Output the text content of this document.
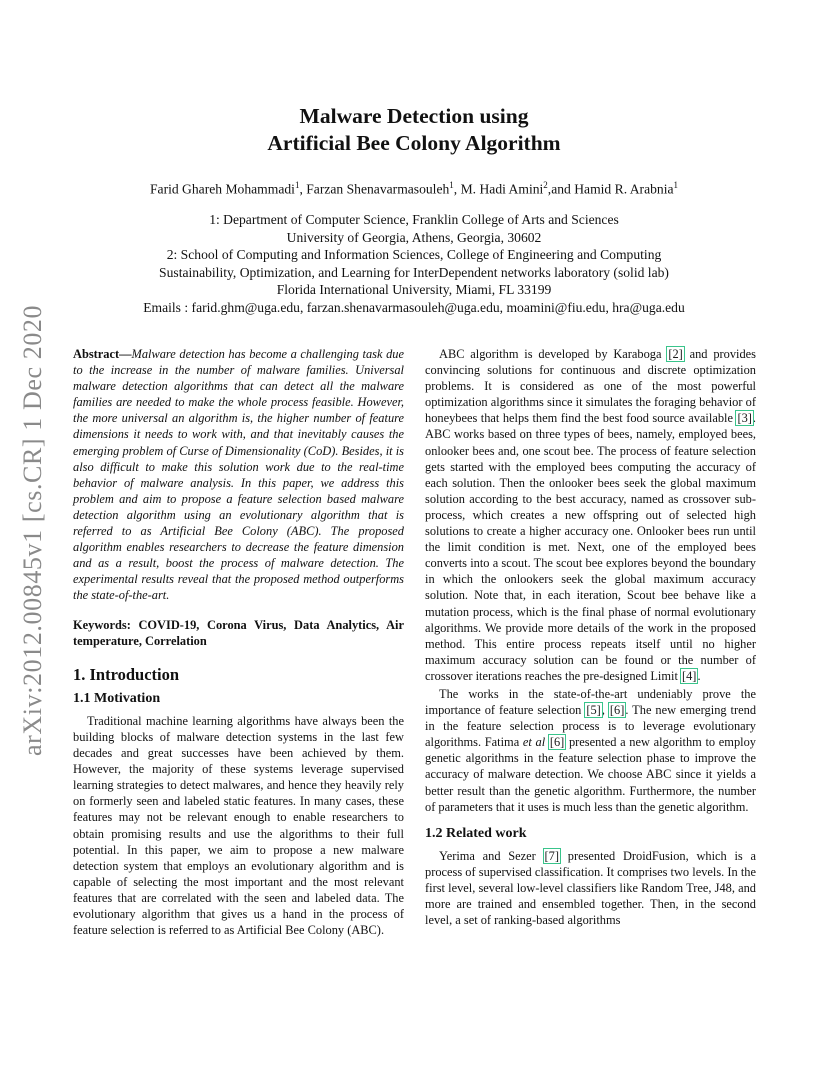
arXiv:2012.00845v1 [cs.CR] 1 Dec 2020
Malware Detection using
Artificial Bee Colony Algorithm
Farid Ghareh Mohammadi$^1$, Farzan Shenavarmasouleh$^1$, M. Hadi Amini$^2$,and Hamid R. Arabnia$^1$
1: Department of Computer Science, Franklin College of Arts and Sciences
University of Georgia, Athens, Georgia, 30602
2: School of Computing and Information Sciences, College of Engineering and Computing
Sustainability, Optimization, and Learning for InterDependent networks laboratory (solid lab)
Florida International University, Miami, FL 33199
Emails : farid.ghm@uga.edu, farzan.shenavarmasouleh@uga.edu, moamini@fiu.edu, hra@uga.edu

Abstract—Malware detection has become a challenging task due to the increase in the number of malware families. Universal malware detection algorithms that can detect all the malware families are needed to make the whole process feasible. However, the more universal an algorithm is, the higher number of feature dimensions it needs to work with, and that inevitably causes the emerging problem of Curse of Dimensionality (CoD). Besides, it is also difficult to make this solution work due to the real-time behavior of malware analysis. In this paper, we address this problem and aim to propose a feature selection based malware detection algorithm using an evolutionary algorithm that is referred to as Artificial Bee Colony (ABC). The proposed algorithm enables researchers to decrease the feature dimension and as a result, boost the process of malware detection. The experimental results reveal that the proposed method outperforms the state-of-the-art.

Keywords: COVID-19, Corona Virus, Data Analytics, Air temperature, Correlation

1. Introduction
1.1 Motivation

Traditional machine learning algorithms have always been the building blocks of malware detection systems in the last few decades and great successes have been achieved by them. However, the majority of these systems leverage supervised learning strategies to detect malwares, and hence they heavily rely on formerly seen and labeled static features. In many cases, these features may not be relevant enough to enable researchers to obtain promising results and use the algorithms to their full potential. In this paper, we aim to propose a new malware detection system that employs an evolutionary algorithm and is capable of selecting the most important and the most relevant features that are correlated with the seen and labeled data. The evolutionary algorithm that gives us a hand in the process of feature selection is referred to as Artificial Bee Colony (ABC).

ABC algorithm is developed by Karaboga [2] and provides convincing solutions for continuous and discrete optimization problems. It is considered as one of the most powerful optimization algorithms since it simulates the foraging behavior of honeybees that helps them find the best food source available [3]. ABC works based on three types of bees, namely, employed bees, onlooker bees and, one scout bee. The process of feature selection gets started with the employed bees computing the accuracy of each solution. Then the onlooker bees seek the global maximum solution according to the best accuracy, named as crossover sub-process, which creates a new offspring out of selected high solutions to create a higher accuracy one. Onlooker bees run until the limit condition is met. Next, one of the employed bees converts into a scout. The scout bee explores beyond the boundary in which the onlookers seek the global maximum accuracy solution. Note that, in each iteration, Scout bee behave like a mutation process, which is the final phase of normal evolutionary algorithms. We provide more details of the work in the proposed method. This entire process repeats itself until no higher maximum accuracy solution can be found or the number of crossover iterations reaches the pre-designed Limit [4].

The works in the state-of-the-art undeniably prove the importance of feature selection [5], [6]. The new emerging trend in the feature selection process is to leverage evolutionary algorithms. Fatima et al [6] presented a new algorithm to employ genetic algorithms in the feature selection phase to improve the accuracy of malware detection. We choose ABC since it yields a better result than the genetic algorithm. Furthermore, the number of parameters that it uses is much less than the genetic algorithm.

1.2 Related work

Yerima and Sezer [7] presented DroidFusion, which is a process of supervised classification. It comprises two levels. In the first level, several low-level classifiers like Random Tree, J48, and more are trained and ensembled together. Then, in the second level, a set of ranking-based algorithms
